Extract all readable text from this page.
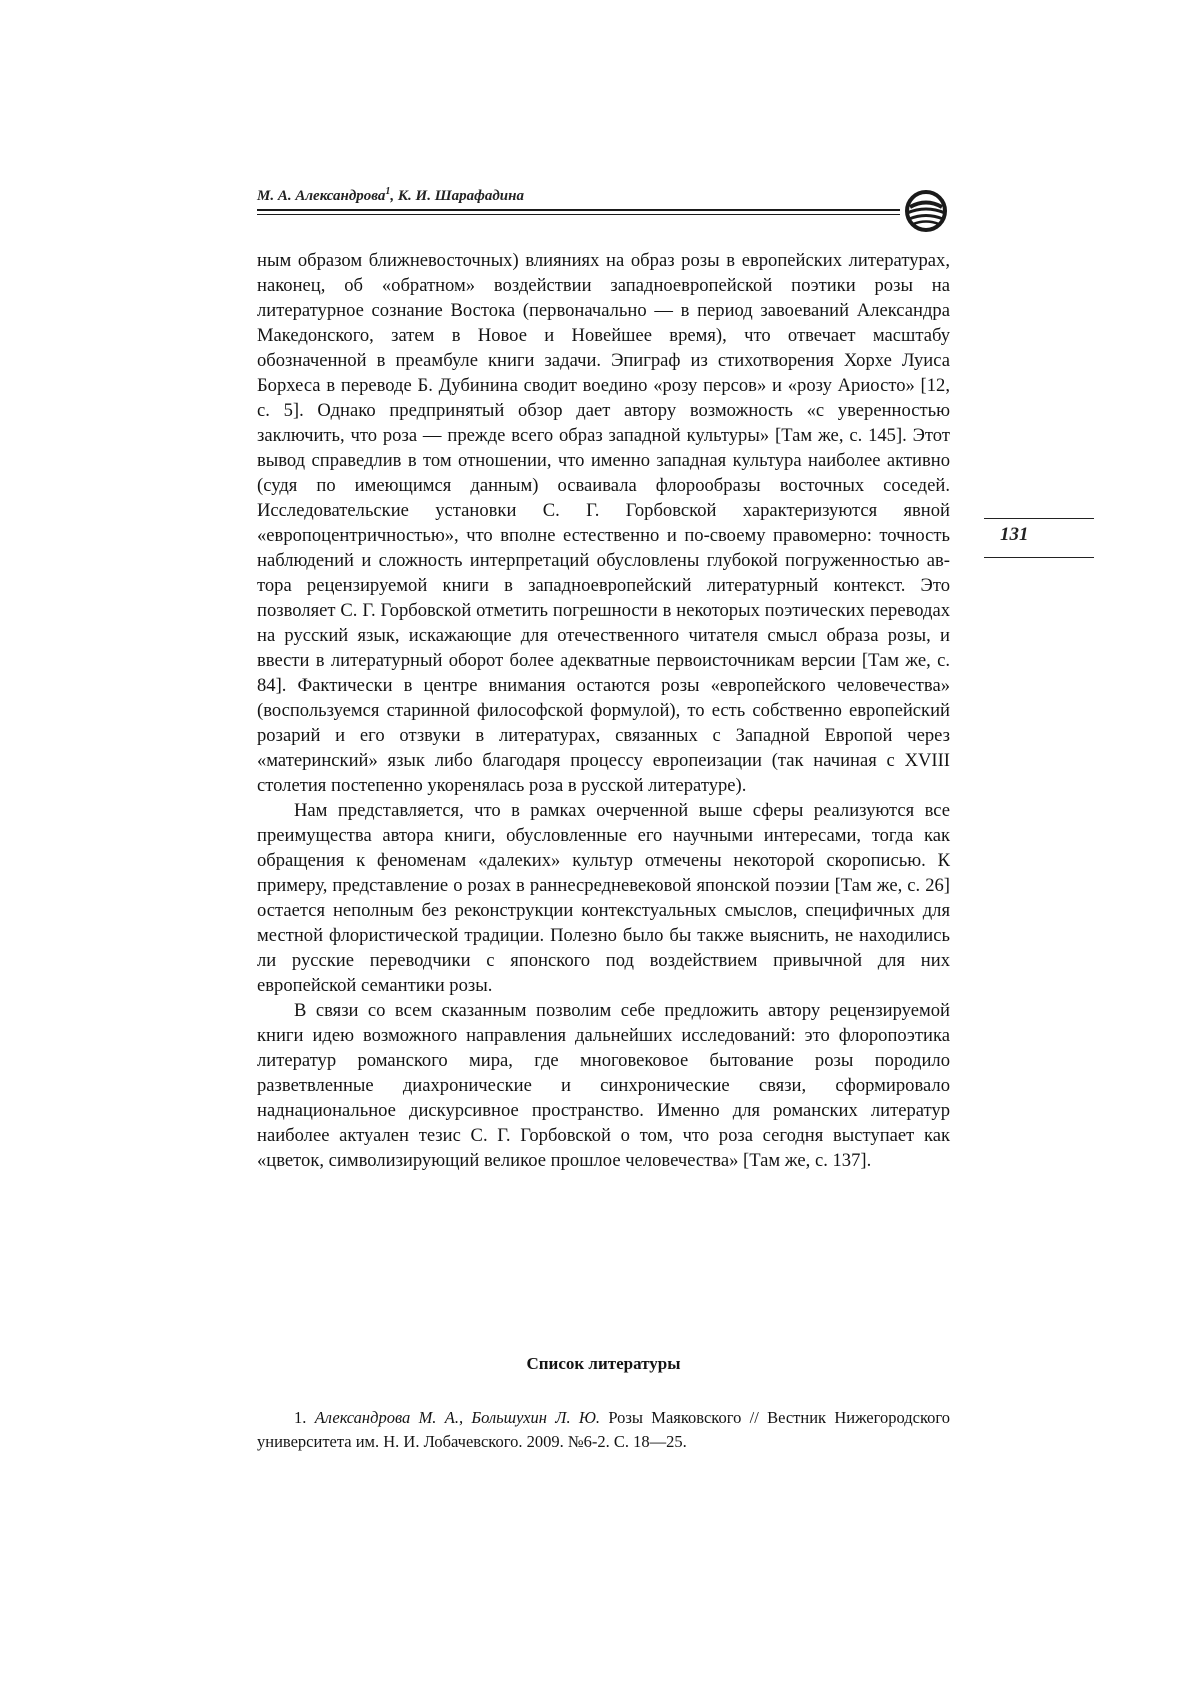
М. А. Александрова$^1$, К. И. Шарафадина

ным образом ближневосточных) влияниях на образ розы в европейских литературах, наконец, об «обратном» воздействии западноевропейской поэтики розы на литературное сознание Востока (первоначально — в период завоеваний Александра Македонского, затем в Новое и Новейшее время), что отвечает масштабу обозначенной в преамбуле книги задачи. Эпиграф из стихотворения Хорхе Луиса Борхеса в переводе Б. Дубинина сводит воедино «розу персов» и «розу Ариосто» [12, с. 5]. Однако предпринятый обзор дает автору возможность «с уверенностью заключить, что роза — прежде всего образ западной культуры» [Там же, с. 145]. Этот вывод справедлив в том отношении, что именно западная культура наиболее активно (судя по имеющимся данным) осваивала флорообразы восточных соседей. Исследовательские установки С. Г. Горбовской характеризуются явной «европоцентричностью», что вполне естественно и по-своему правомерно: точность наблюдений и сложность интерпретаций обусловлены глубокой погруженностью автора рецензируемой книги в западноевропейский литературный контекст. Это позволяет С. Г. Горбовской отметить погрешности в некоторых поэтических переводах на русский язык, искажающие для отечественного читателя смысл образа розы, и ввести в литературный оборот более адекватные первоисточникам версии [Там же, с. 84]. Фактически в центре внимания остаются розы «европейского человечества» (воспользуемся старинной философской формулой), то есть собственно европейский розарий и его отзвуки в литературах, связанных с Западной Европой через «материнский» язык либо благодаря процессу европеизации (так начиная с XVIII столетия постепенно укоренялась роза в русской литературе).

Нам представляется, что в рамках очерченной выше сферы реализуются все преимущества автора книги, обусловленные его научными интересами, тогда как обращения к феноменам «далеких» культур отмечены некоторой скорописью. К примеру, представление о розах в раннесредневековой японской поэзии [Там же, с. 26] остается неполным без реконструкции контекстуальных смыслов, специфичных для местной флористической традиции. Полезно было бы также выяснить, не находились ли русские переводчики с японского под воздействием привычной для них европейской семантики розы.

В связи со всем сказанным позволим себе предложить автору рецензируемой книги идею возможного направления дальнейших исследований: это флоропоэтика литератур романского мира, где многовековое бытование розы породило разветвленные диахронические и синхронические связи, сформировало наднациональное дискурсивное пространство. Именно для романских литератур наиболее актуален тезис С. Г. Горбовской о том, что роза сегодня выступает как «цветок, символизирующий великое прошлое человечества» [Там же, с. 137].

131
Список литературы
1. Александрова М. А., Большухин Л. Ю. Розы Маяковского // Вестник Нижегородского университета им. Н. И. Лобачевского. 2009. №6-2. С. 18—25.
